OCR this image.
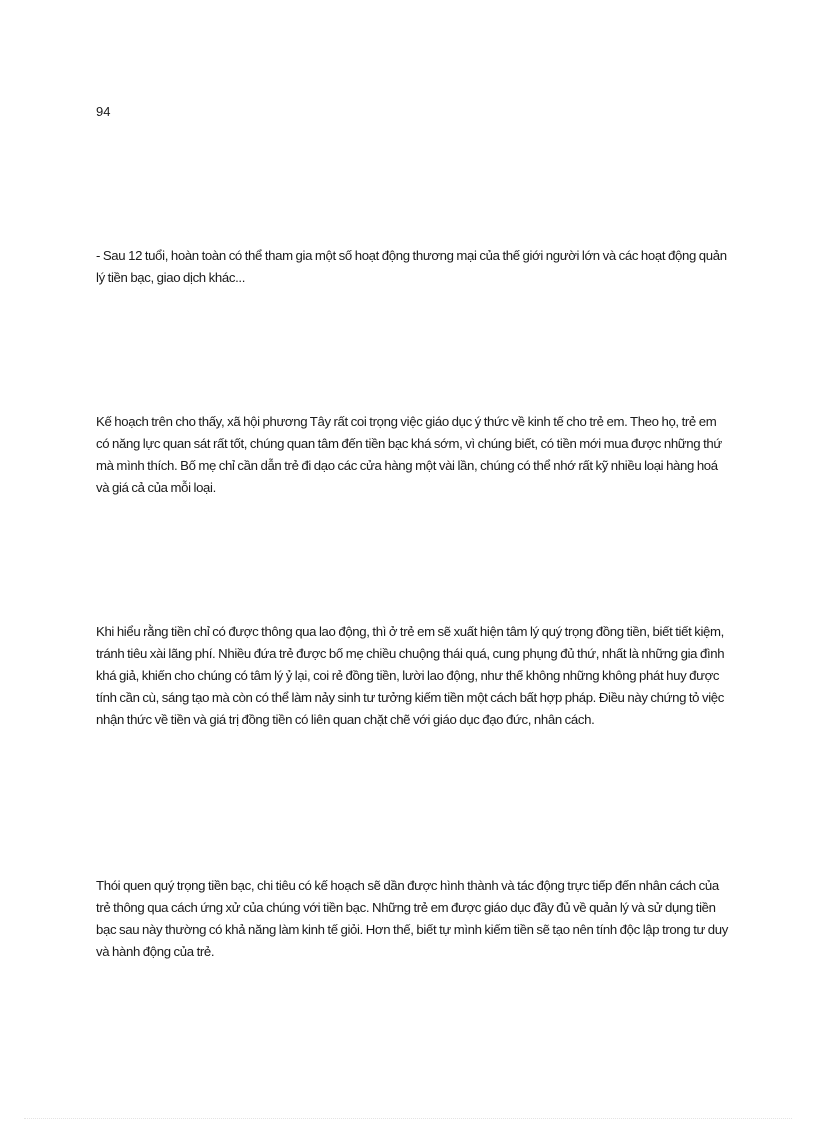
94

- Sau 12 tuổi, hoàn toàn có thể tham gia một số hoạt động thương mại của thế giới người lớn và các hoạt động quản lý tiền bạc, giao dịch khác...

Kế hoạch trên cho thấy, xã hội phương Tây rất coi trọng việc giáo dục ý thức về kinh tế cho trẻ em. Theo họ, trẻ em có năng lực quan sát rất tốt, chúng quan tâm đến tiền bạc khá sớm, vì chúng biết, có tiền mới mua được những thứ mà mình thích. Bố mẹ chỉ cần dẫn trẻ đi dạo các cửa hàng một vài lần, chúng có thể nhớ rất kỹ nhiều loại hàng hoá và giá cả của mỗi loại.

Khi hiểu rằng tiền chỉ có được thông qua lao động, thì ở trẻ em sẽ xuất hiện tâm lý quý trọng đồng tiền, biết tiết kiệm, tránh tiêu xài lãng phí. Nhiều đứa trẻ được bố mẹ chiều chuộng thái quá, cung phụng đủ thứ, nhất là những gia đình khá giả, khiến cho chúng có tâm lý ỷ lại, coi rẻ đồng tiền, lười lao động, như thế không những không phát huy được tính cần cù, sáng tạo mà còn có thể làm nảy sinh tư tưởng kiếm tiền một cách bất hợp pháp. Điều này chứng tỏ việc nhận thức về tiền và giá trị đồng tiền có liên quan chặt chẽ với giáo dục đạo đức, nhân cách.

Thói quen quý trọng tiền bạc, chi tiêu có kế hoạch sẽ dần được hình thành và tác động trực tiếp đến nhân cách của trẻ thông qua cách ứng xử của chúng với tiền bạc. Những trẻ em được giáo dục đầy đủ về quản lý và sử dụng tiền bạc sau này thường có khả năng làm kinh tế giỏi. Hơn thế, biết tự mình kiếm tiền sẽ tạo nên tính độc lập trong tư duy và hành động của trẻ.
